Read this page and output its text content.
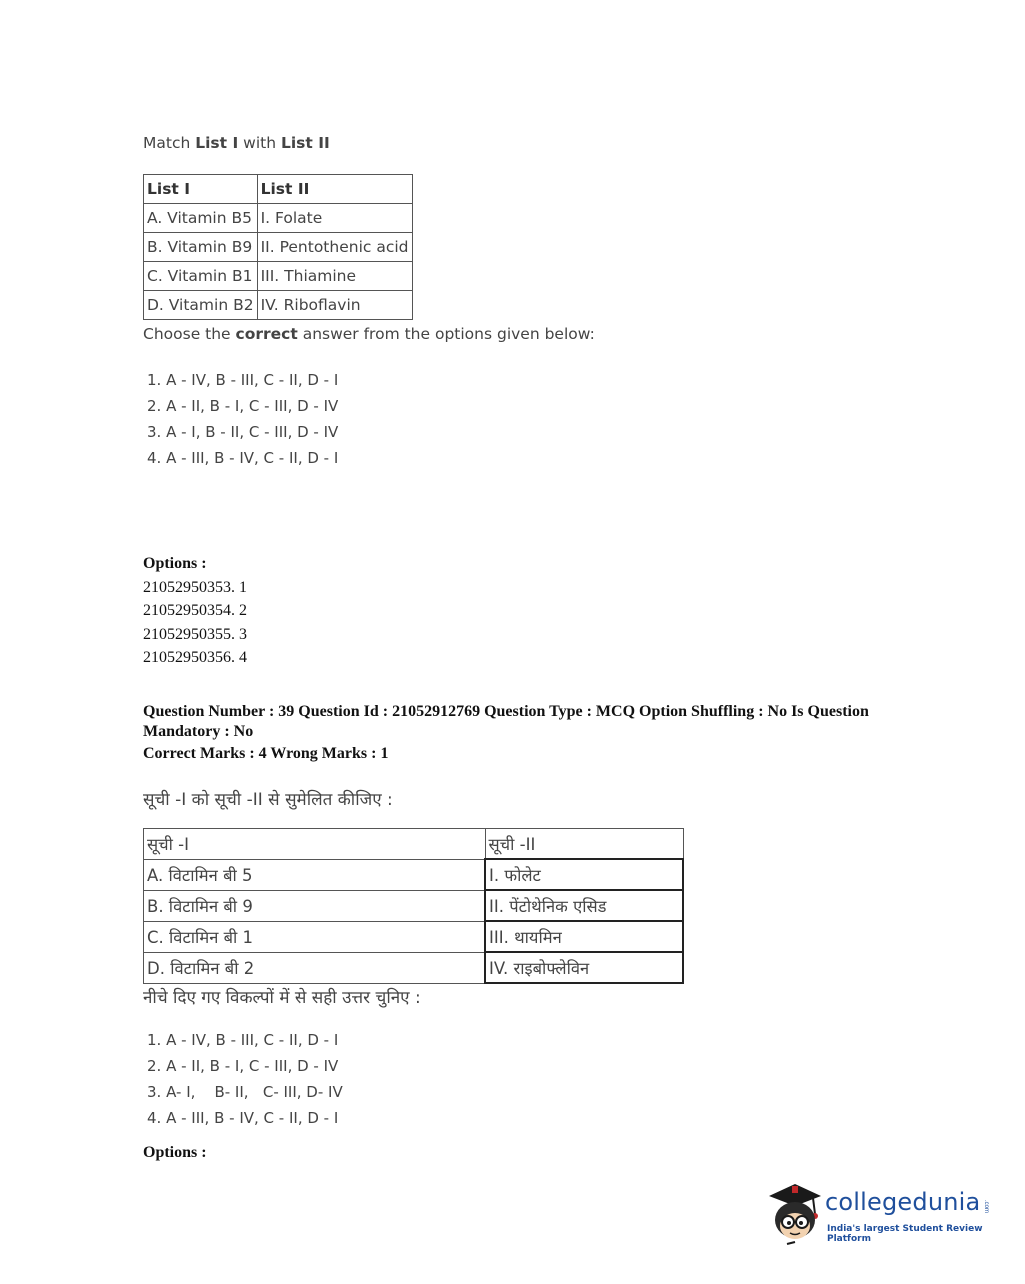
Match List I with List II
List I	List II
A. Vitamin B5	I. Folate
B. Vitamin B9	II. Pentothenic acid
C. Vitamin B1	III. Thiamine
D. Vitamin B2	IV. Riboflavin
Choose the correct answer from the options given below:
1. A - IV, B - III, C - II, D - I
2. A - II, B - I, C - III, D - IV
3. A - I, B - II, C - III, D - IV
4. A - III, B - IV, C - II, D - I
Options :
21052950353. 1
21052950354. 2
21052950355. 3
21052950356. 4
Question Number : 39 Question Id : 21052912769 Question Type : MCQ Option Shuffling : No Is Question Mandatory : No
Correct Marks : 4 Wrong Marks : 1
सूची -I को सूची -II से सुमेलित कीजिए :
सूची -I	सूची -II
A. विटामिन बी 5	I. फोलेट
B. विटामिन बी 9	II. पेंटोथेनिक एसिड
C. विटामिन बी 1	III. थायमिन
D. विटामिन बी 2	IV. राइबोफ्लेविन
नीचे दिए गए विकल्पों में से सही उत्तर चुनिए :
1. A - IV, B - III, C - II, D - I
2. A - II, B - I, C - III, D - IV
3. A- I,    B- II,   C- III, D- IV
4. A - III, B - IV, C - II, D - I
Options :
collegedunia .com
India's largest Student Review Platform
